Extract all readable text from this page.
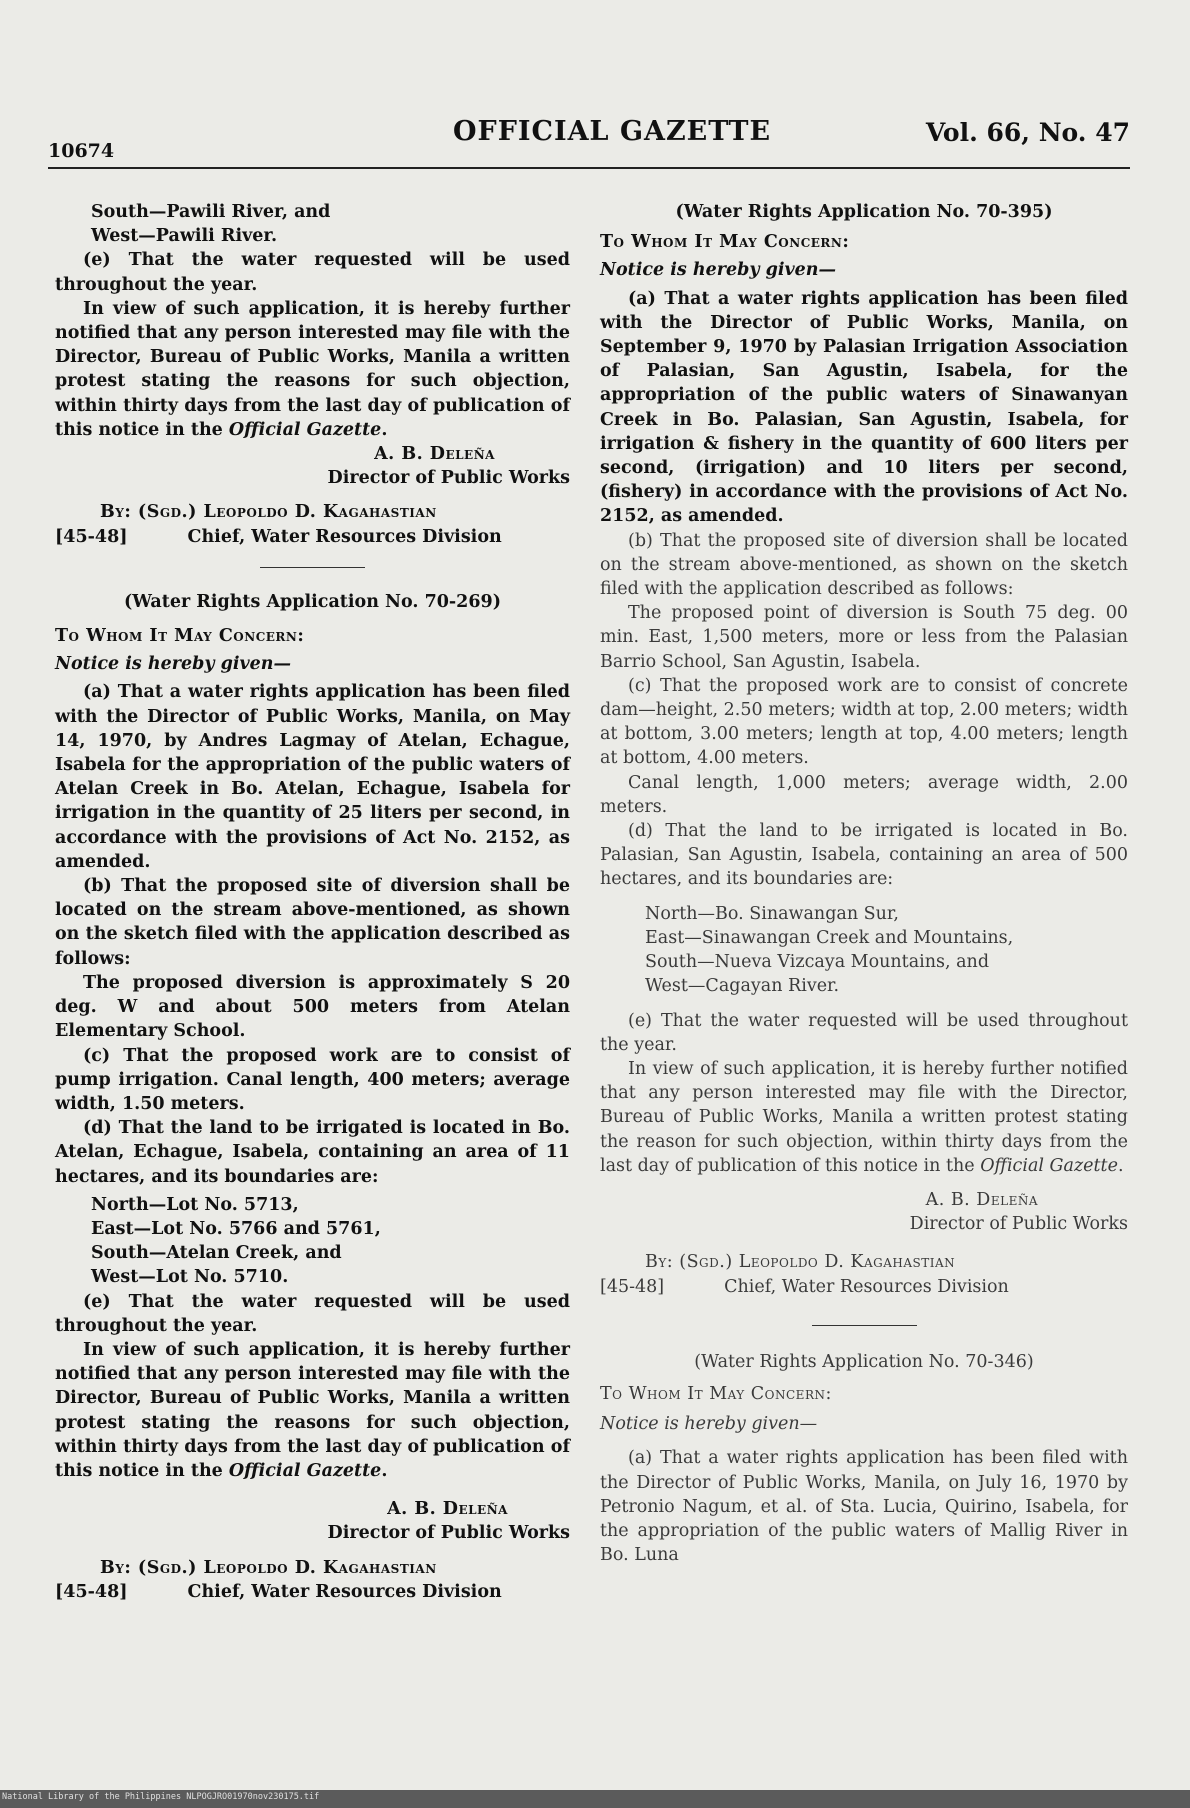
10674
OFFICIAL GAZETTE	Vol. 66, No. 47
South—Pawili River, and
West—Pawili River.

(e) That the water requested will be used throughout the year.

In view of such application, it is hereby further notified that any person interested may file with the Director, Bureau of Public Works, Manila a written protest stating the reasons for such objection, within thirty days from the last day of publication of this notice in the Official Gazette.

A. B. Deleña
Director of Public Works
By: (Sgd.) Leopoldo D. Kagahastian
[45-48]	Chief, Water Resources Division
(Water Rights Application No. 70-269)
To Whom It May Concern:
Notice is hereby given—

(a) That a water rights application has been filed with the Director of Public Works, Manila, on May 14, 1970, by Andres Lagmay of Atelan, Echague, Isabela for the appropriation of the public waters of Atelan Creek in Bo. Atelan, Echague, Isabela for irrigation in the quantity of 25 liters per second, in accordance with the provisions of Act No. 2152, as amended.

(b) That the proposed site of diversion shall be located on the stream above-mentioned, as shown on the sketch filed with the application described as follows:

The proposed diversion is approximately S 20 deg. W and about 500 meters from Atelan Elementary School.

(c) That the proposed work are to consist of pump irrigation. Canal length, 400 meters; average width, 1.50 meters.

(d) That the land to be irrigated is located in Bo. Atelan, Echague, Isabela, containing an area of 11 hectares, and its boundaries are:

North—Lot No. 5713,
East—Lot No. 5766 and 5761,
South—Atelan Creek, and
West—Lot No. 5710.

(e) That the water requested will be used throughout the year.

In view of such application, it is hereby further notified that any person interested may file with the Director, Bureau of Public Works, Manila a written protest stating the reasons for such objection, within thirty days from the last day of publication of this notice in the Official Gazette.

A. B. Deleña
Director of Public Works
By: (Sgd.) Leopoldo D. Kagahastian
[45-48]	Chief, Water Resources Division
(Water Rights Application No. 70-395)
To Whom It May Concern:
Notice is hereby given—

(a) That a water rights application has been filed with the Director of Public Works, Manila, on September 9, 1970 by Palasian Irrigation Association of Palasian, San Agustin, Isabela, for the appropriation of the public waters of Sinawanyan Creek in Bo. Palasian, San Agustin, Isabela, for irrigation & fishery in the quantity of 600 liters per second, (irrigation) and 10 liters per second, (fishery) in accordance with the provisions of Act No. 2152, as amended.

(b) That the proposed site of diversion shall be located on the stream above-mentioned, as shown on the sketch filed with the application described as follows:

The proposed point of diversion is South 75 deg. 00 min. East, 1,500 meters, more or less from the Palasian Barrio School, San Agustin, Isabela.

(c) That the proposed work are to consist of concrete dam—height, 2.50 meters; width at top, 2.00 meters; width at bottom, 3.00 meters; length at top, 4.00 meters; length at bottom, 4.00 meters.

Canal length, 1,000 meters; average width, 2.00 meters.

(d) That the land to be irrigated is located in Bo. Palasian, San Agustin, Isabela, containing an area of 500 hectares, and its boundaries are:

North—Bo. Sinawangan Sur,
East—Sinawangan Creek and Mountains,
South—Nueva Vizcaya Mountains, and
West—Cagayan River.

(e) That the water requested will be used throughout the year.

In view of such application, it is hereby further notified that any person interested may file with the Director, Bureau of Public Works, Manila a written protest stating the reason for such objection, within thirty days from the last day of publication of this notice in the Official Gazette.

A. B. Deleña
Director of Public Works
By: (Sgd.) Leopoldo D. Kagahastian
[45-48]	Chief, Water Resources Division
(Water Rights Application No. 70-346)
To Whom It May Concern:
Notice is hereby given—

(a) That a water rights application has been filed with the Director of Public Works, Manila, on July 16, 1970 by Petronio Nagum, et al. of Sta. Lucia, Quirino, Isabela, for the appropriation of the public waters of Mallig River in Bo. Luna

National Library of the Philippines NLPOGJRO01970nov230175.tif
